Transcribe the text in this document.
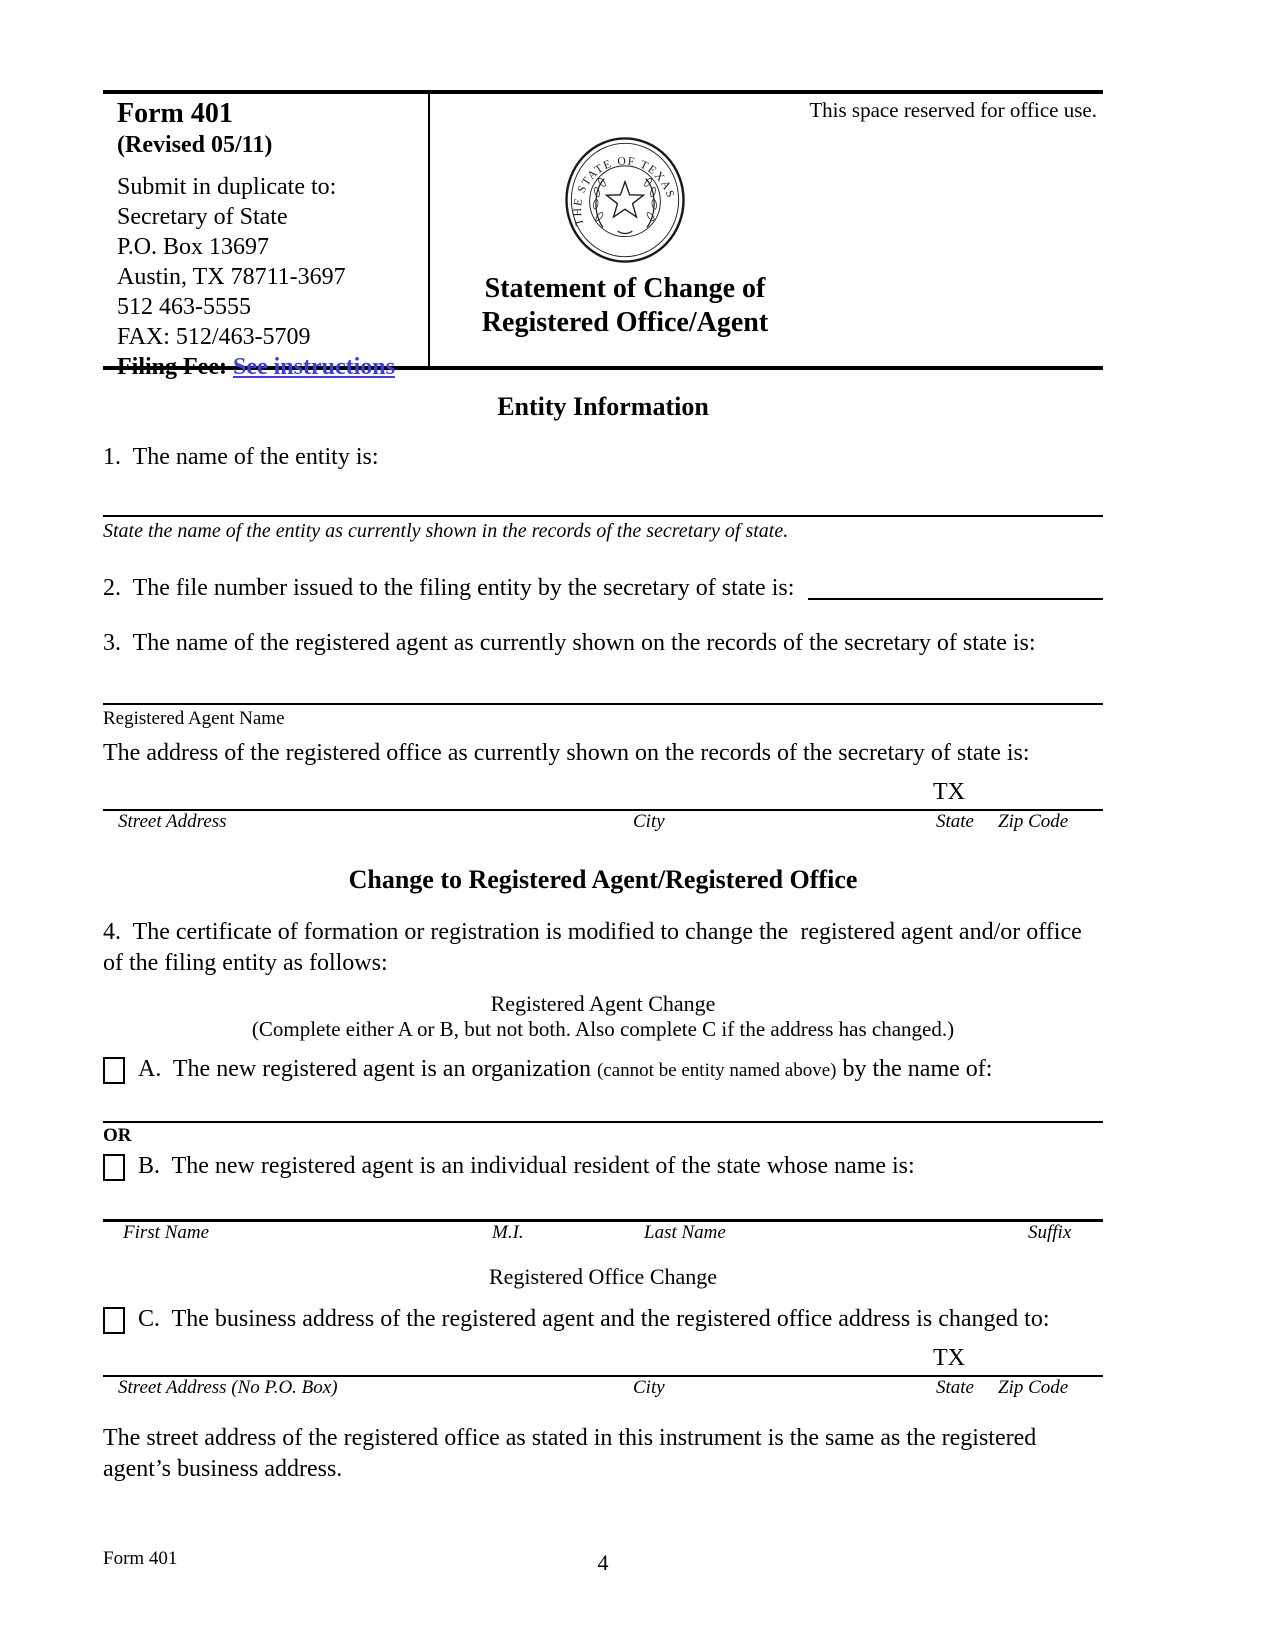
Form 401
(Revised 05/11)
Submit in duplicate to:
Secretary of State
P.O. Box 13697
Austin, TX 78711-3697
512 463-5555
FAX: 512/463-5709
Filing Fee: See instructions
This space reserved for office use.
THE STATE OF TEXAS
Statement of Change of
Registered Office/Agent
Entity Information
1.  The name of the entity is:
State the name of the entity as currently shown in the records of the secretary of state.
2.  The file number issued to the filing entity by the secretary of state is:
3.  The name of the registered agent as currently shown on the records of the secretary of state is:
Registered Agent Name
The address of the registered office as currently shown on the records of the secretary of state is:
TX
Street Address	City	State Zip Code
Change to Registered Agent/Registered Office
4.  The certificate of formation or registration is modified to change the  registered agent and/or office of the filing entity as follows:
Registered Agent Change
(Complete either A or B, but not both. Also complete C if the address has changed.)
A.  The new registered agent is an organization (cannot be entity named above) by the name of:
OR
B.  The new registered agent is an individual resident of the state whose name is:
First Name	M.I.	Last Name	Suffix
Registered Office Change
C.  The business address of the registered agent and the registered office address is changed to:
TX
Street Address (No P.O. Box)	City	State Zip Code
The street address of the registered office as stated in this instrument is the same as the registered agent’s business address.
Form 401	4
